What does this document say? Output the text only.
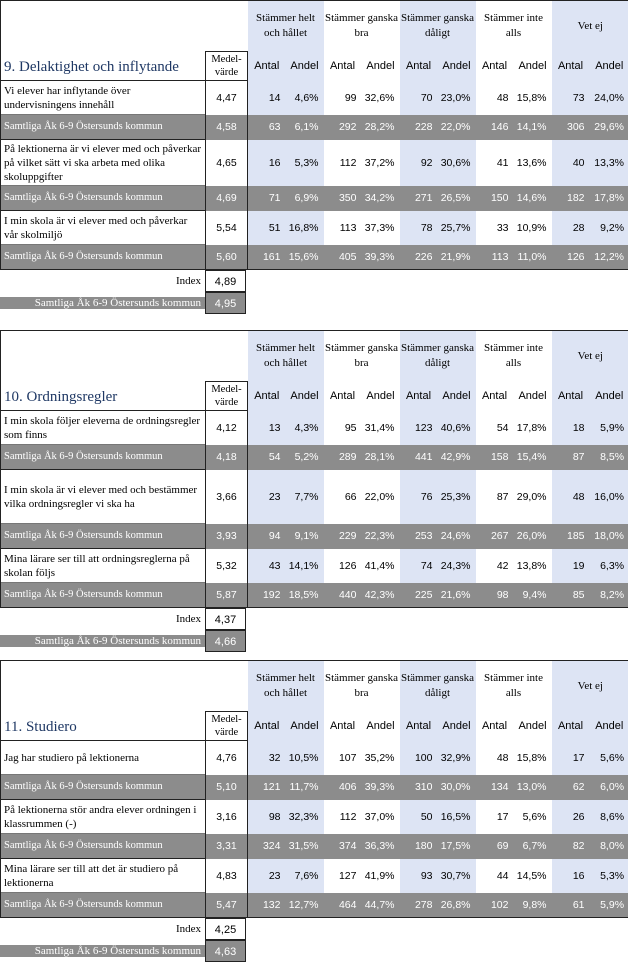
9. Delaktighet och inflytande		Stämmer helt och hållet		Stämmer ganska bra		Stämmer ganska dåligt		Stämmer inte alls		Vet ej	
	Medel-värde	Antal	Andel	Antal	Andel	Antal	Andel	Antal	Andel	Antal	Andel
Vi elever har inflytande över undervisningens innehåll	4,47	14	4,6%	99	32,6%	70	23,0%	48	15,8%	73	24,0%
Samtliga Åk 6-9 Östersunds kommun	4,58	63	6,1%	292	28,2%	228	22,0%	146	14,1%	306	29,6%
På lektionerna är vi elever med och påverkar på vilket sätt vi ska arbeta med olika skoluppgifter	4,65	16	5,3%	112	37,2%	92	30,6%	41	13,6%	40	13,3%
Samtliga Åk 6-9 Östersunds kommun	4,69	71	6,9%	350	34,2%	271	26,5%	150	14,6%	182	17,8%
I min skola är vi elever med och påverkar vår skolmiljö	5,54	51	16,8%	113	37,3%	78	25,7%	33	10,9%	28	9,2%
Samtliga Åk 6-9 Östersunds kommun	5,60	161	15,6%	405	39,3%	226	21,9%	113	11,0%	126	12,2%
Index	4,89
Samtliga Åk 6-9 Östersunds kommun	4,95
10. Ordningsregler		Stämmer helt och hållet		Stämmer ganska bra		Stämmer ganska dåligt		Stämmer inte alls		Vet ej	
	Medel-värde	Antal	Andel	Antal	Andel	Antal	Andel	Antal	Andel	Antal	Andel
I min skola följer eleverna de ordningsregler som finns	4,12	13	4,3%	95	31,4%	123	40,6%	54	17,8%	18	5,9%
Samtliga Åk 6-9 Östersunds kommun	4,18	54	5,2%	289	28,1%	441	42,9%	158	15,4%	87	8,5%
I min skola är vi elever med och bestämmer vilka ordningsregler vi ska ha	3,66	23	7,7%	66	22,0%	76	25,3%	87	29,0%	48	16,0%
Samtliga Åk 6-9 Östersunds kommun	3,93	94	9,1%	229	22,3%	253	24,6%	267	26,0%	185	18,0%
Mina lärare ser till att ordningsreglerna på skolan följs	5,32	43	14,1%	126	41,4%	74	24,3%	42	13,8%	19	6,3%
Samtliga Åk 6-9 Östersunds kommun	5,87	192	18,5%	440	42,3%	225	21,6%	98	9,4%	85	8,2%
Index	4,37
Samtliga Åk 6-9 Östersunds kommun	4,66
11. Studiero		Stämmer helt och hållet		Stämmer ganska bra		Stämmer ganska dåligt		Stämmer inte alls		Vet ej	
	Medel-värde	Antal	Andel	Antal	Andel	Antal	Andel	Antal	Andel	Antal	Andel
Jag har studiero på lektionerna	4,76	32	10,5%	107	35,2%	100	32,9%	48	15,8%	17	5,6%
Samtliga Åk 6-9 Östersunds kommun	5,10	121	11,7%	406	39,3%	310	30,0%	134	13,0%	62	6,0%
På lektionerna stör andra elever ordningen i klassrummen (-)	3,16	98	32,3%	112	37,0%	50	16,5%	17	5,6%	26	8,6%
Samtliga Åk 6-9 Östersunds kommun	3,31	324	31,5%	374	36,3%	180	17,5%	69	6,7%	82	8,0%
Mina lärare ser till att det är studiero på lektionerna	4,83	23	7,6%	127	41,9%	93	30,7%	44	14,5%	16	5,3%
Samtliga Åk 6-9 Östersunds kommun	5,47	132	12,7%	464	44,7%	278	26,8%	102	9,8%	61	5,9%
Index	4,25
Samtliga Åk 6-9 Östersunds kommun	4,63
